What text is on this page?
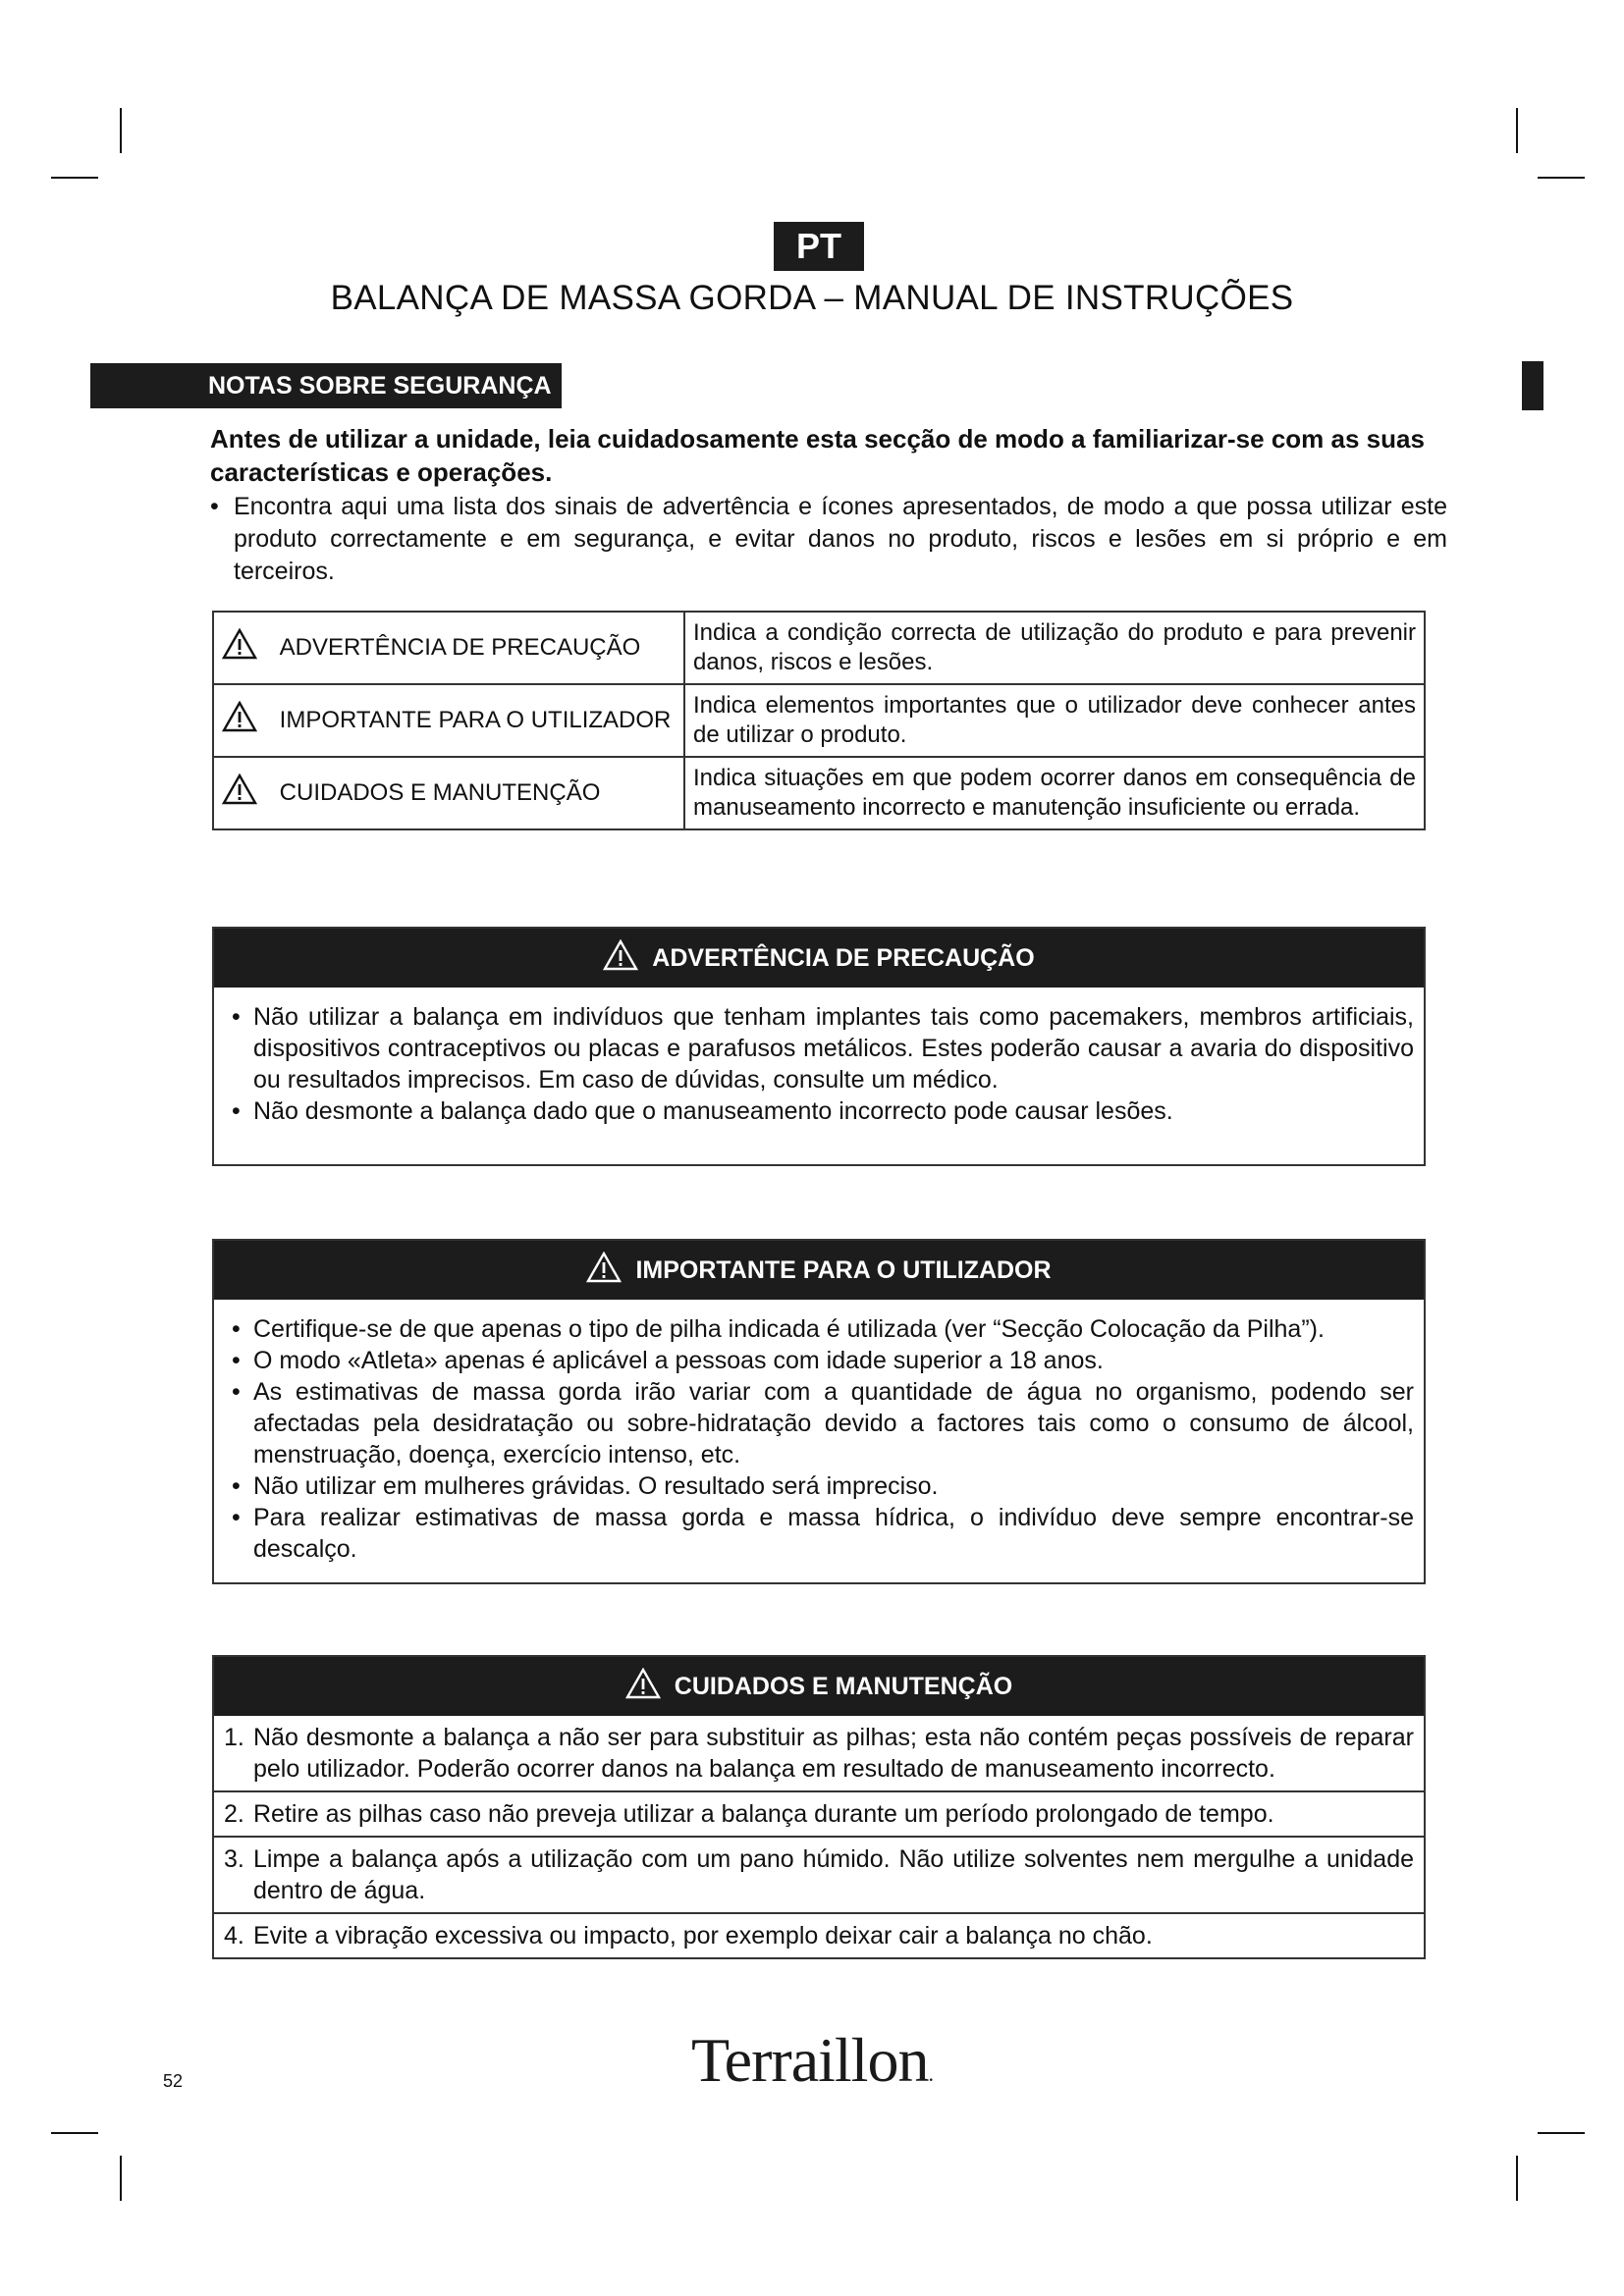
PT
BALANÇA DE MASSA GORDA – MANUAL DE INSTRUÇÕES
NOTAS SOBRE SEGURANÇA
Antes de utilizar a unidade, leia cuidadosamente esta secção de modo a familiarizar-se com as suas características e operações.
• Encontra aqui uma lista dos sinais de advertência e ícones apresentados, de modo a que possa utilizar este produto correctamente e em segurança, e evitar danos no produto, riscos e lesões em si próprio e em terceiros.
ADVERTÊNCIA DE PRECAUÇÃO	Indica a condição correcta de utilização do produto e para prevenir danos, riscos e lesões.
IMPORTANTE PARA O UTILIZADOR	Indica elementos importantes que o utilizador deve conhecer antes de utilizar o produto.
CUIDADOS E MANUTENÇÃO	Indica situações em que podem ocorrer danos em consequência de manuseamento incorrecto e manutenção insuficiente ou errada.
ADVERTÊNCIA DE PRECAUÇÃO
• Não utilizar a balança em indivíduos que tenham implantes tais como pacemakers, membros artificiais, dispositivos contraceptivos ou placas e parafusos metálicos. Estes poderão causar a avaria do dispositivo ou resultados imprecisos. Em caso de dúvidas, consulte um médico.
• Não desmonte a balança dado que o manuseamento incorrecto pode causar lesões.
IMPORTANTE PARA O UTILIZADOR
• Certifique-se de que apenas o tipo de pilha indicada é utilizada (ver “Secção Colocação da Pilha”).
• O modo «Atleta» apenas é aplicável a pessoas com idade superior a 18 anos.
• As estimativas de massa gorda irão variar com a quantidade de água no organismo, podendo ser afectadas pela desidratação ou sobre-hidratação devido a factores tais como o consumo de álcool, menstruação, doença, exercício intenso, etc.
• Não utilizar em mulheres grávidas. O resultado será impreciso.
• Para realizar estimativas de massa gorda e massa hídrica, o indivíduo deve sempre encontrar-se descalço.
CUIDADOS E MANUTENÇÃO
1. Não desmonte a balança a não ser para substituir as pilhas; esta não contém peças possíveis de reparar pelo utilizador. Poderão ocorrer danos na balança em resultado de manuseamento incorrecto.
2. Retire as pilhas caso não preveja utilizar a balança durante um período prolongado de tempo.
3. Limpe a balança após a utilização com um pano húmido. Não utilize solventes nem mergulhe a unidade dentro de água.
4. Evite a vibração excessiva ou impacto, por exemplo deixar cair a balança no chão.
Terraillon.
52
